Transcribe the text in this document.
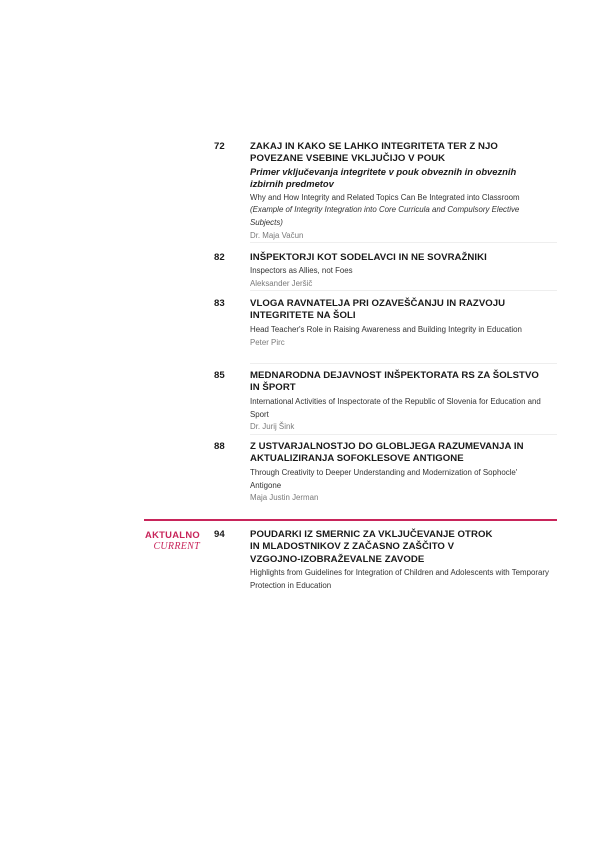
72	ZAKAJ IN KAKO SE LAHKO INTEGRITETA TER Z NJO POVEZANE VSEBINE VKLJUČIJO V POUK
Primer vključevanja integritete v pouk obveznih in obveznih izbirnih predmetov
Why and How Integrity and Related Topics Can Be Integrated into Classroom (Example of Integrity Integration into Core Curricula and Compulsory Elective Subjects)
Dr. Maja Vačun
82	INŠPEKTORJI KOT SODELAVCI IN NE SOVRAŽNIKI
Inspectors as Allies, not Foes
Aleksander Jeršič
83	VLOGA RAVNATELJA PRI OZAVEŠČANJU IN RAZVOJU INTEGRITETE NA ŠOLI
Head Teacher's Role in Raising Awareness and Building Integrity in Education
Peter Pirc
85	MEDNARODNA DEJAVNOST INŠPEKTORATA RS ZA ŠOLSTVO IN ŠPORT
International Activities of Inspectorate of the Republic of Slovenia for Education and Sport
Dr. Jurij Šink
88	Z USTVARJALNOSTJO DO GLOBLJEGA RAZUMEVANJA IN AKTUALIZIRANJA SOFOKLESOVE ANTIGONE
Through Creativity to Deeper Understanding and Modernization of Sophocle' Antigone
Maja Justin Jerman
AKTUALNO
CURRENT
94	POUDARKI IZ SMERNIC ZA VKLJUČEVANJE OTROK IN MLADOSTNIKOV Z ZAČASNO ZAŠČITO V VZGOJNO-IZOBRAŽEVALNE ZAVODE
Highlights from Guidelines for Integration of Children and Adolescents with Temporary Protection in Education
